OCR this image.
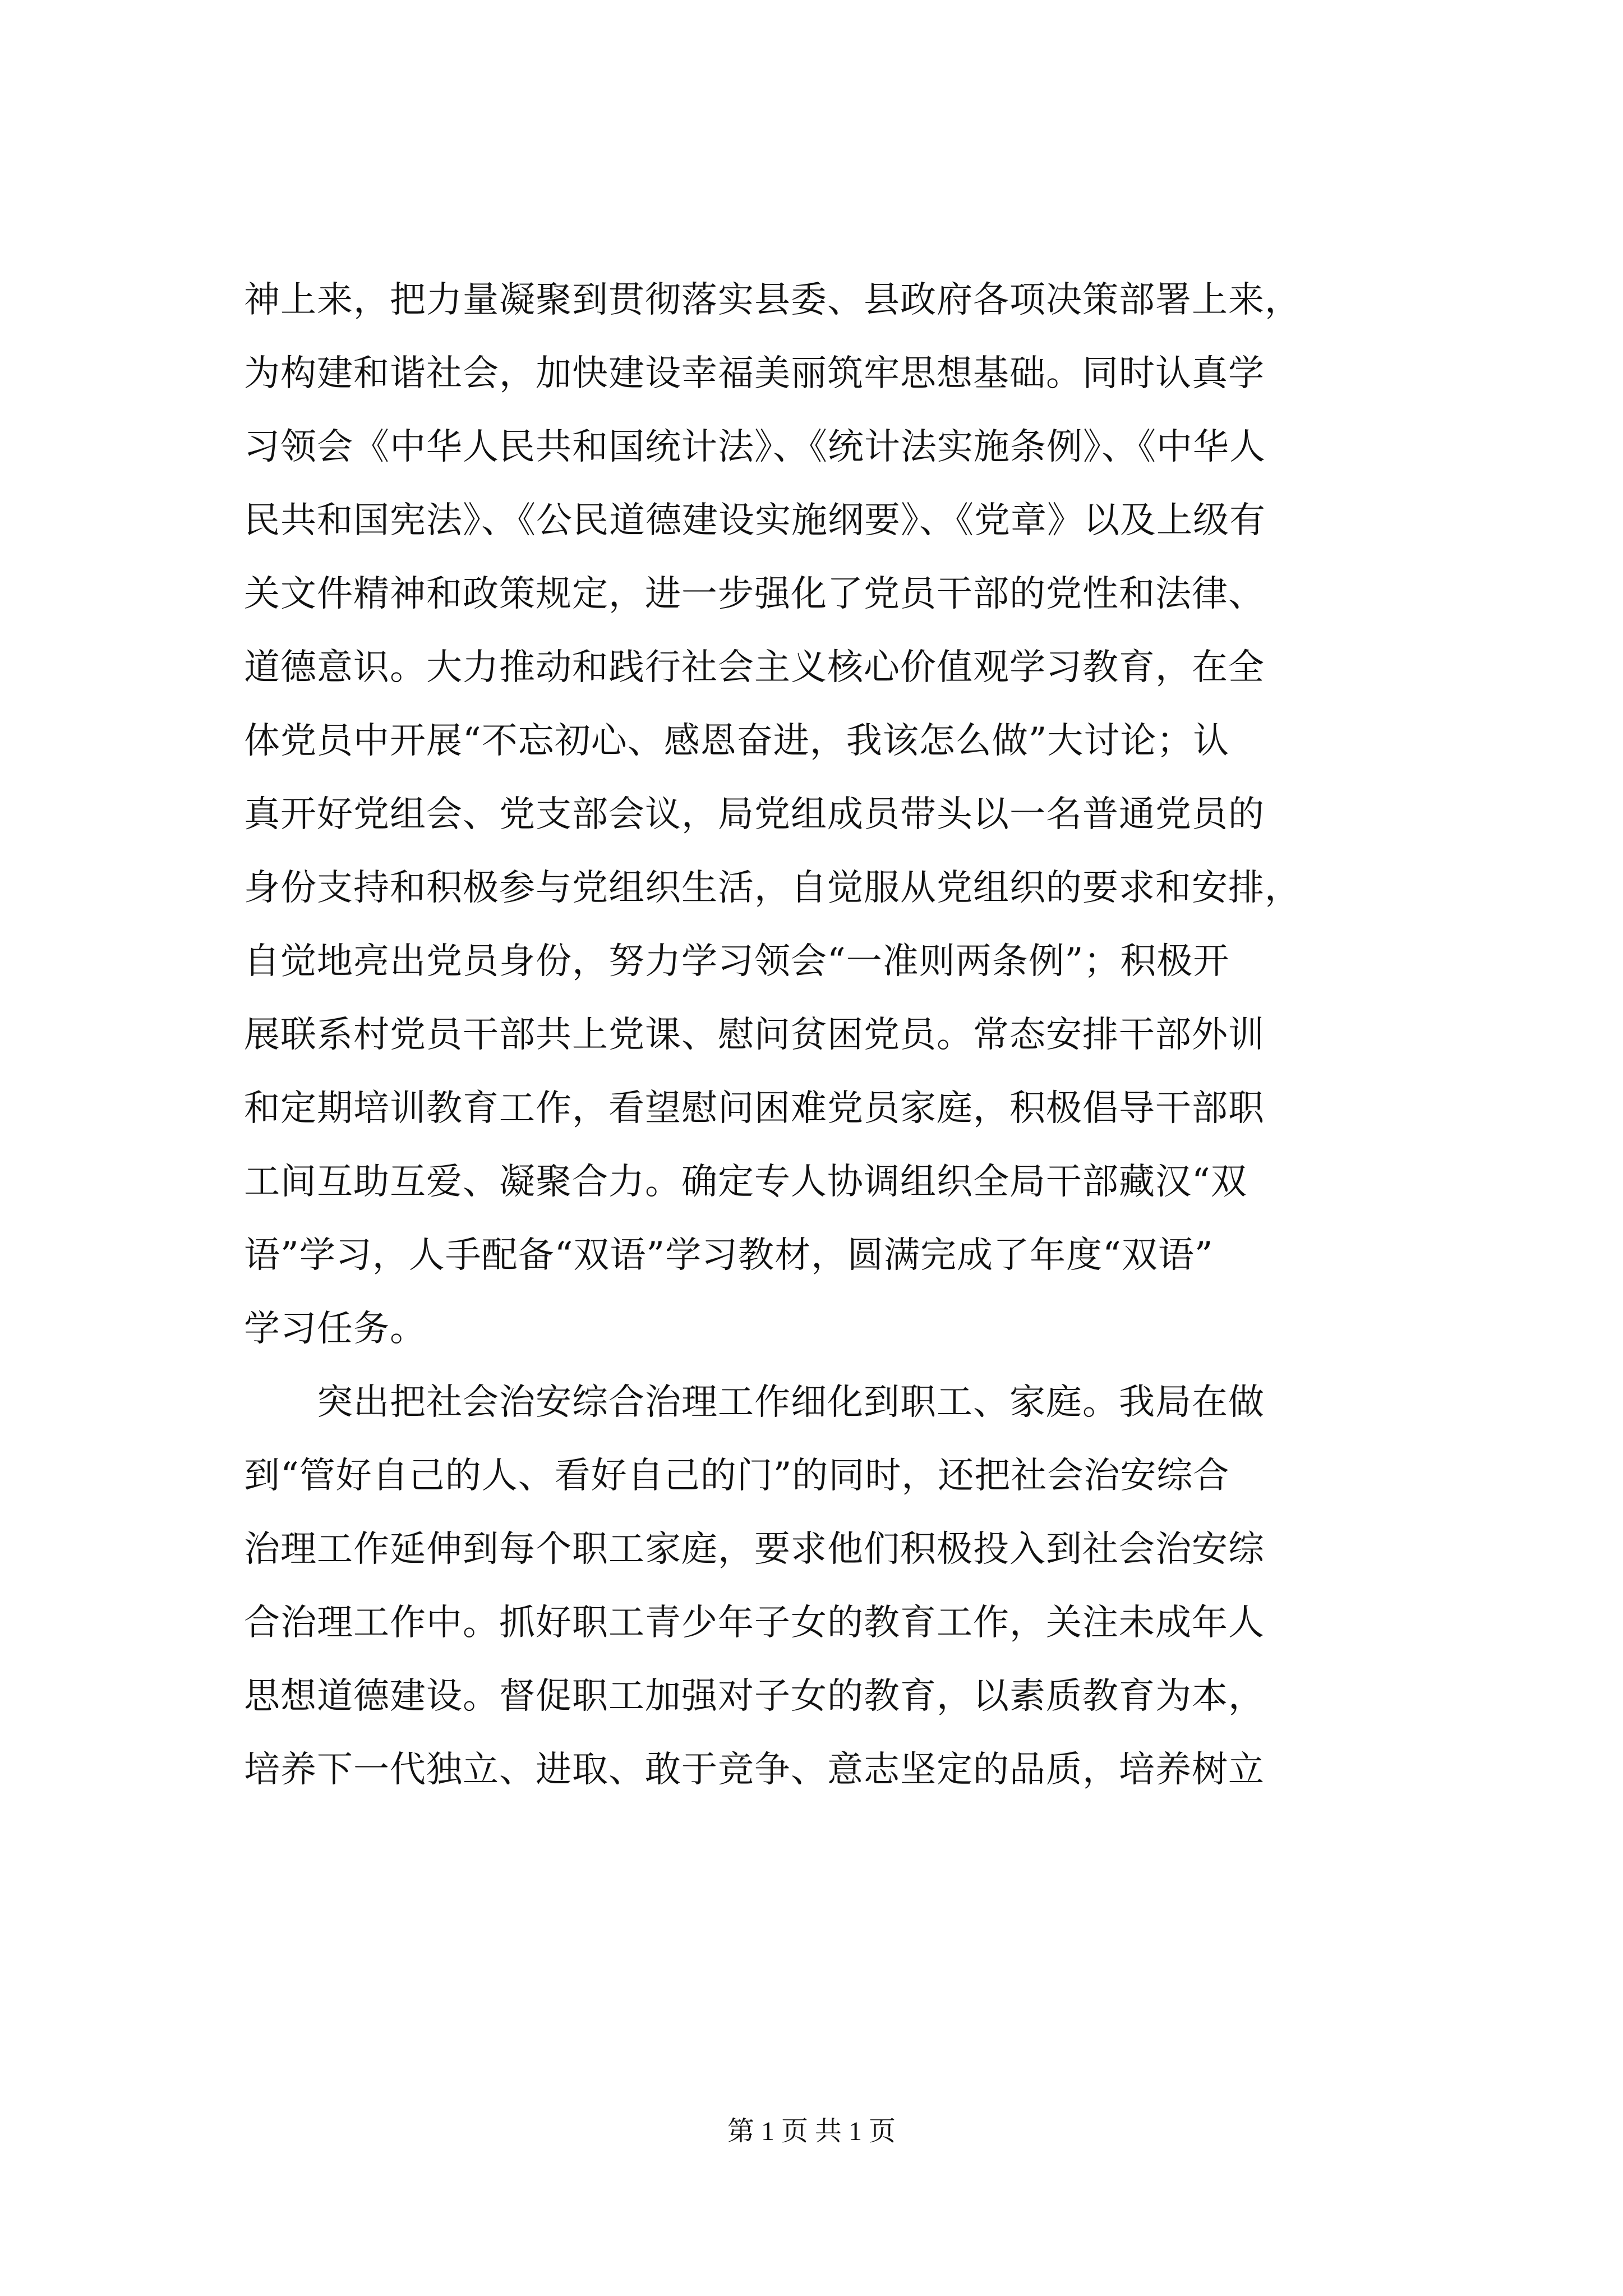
神上来，把力量凝聚到贯彻落实县委、县政府各项决策部署上来，
为构建和谐社会，加快建设幸福美丽筑牢思想基础。同时认真学
习领会《中华人民共和国统计法》、《统计法实施条例》、《中华人
民共和国宪法》、《公民道德建设实施纲要》、《党章》以及上级有
关文件精神和政策规定，进一步强化了党员干部的党性和法律、
道德意识。大力推动和践行社会主义核心价值观学习教育，在全
体党员中开展“不忘初心、感恩奋进，我该怎么做”大讨论；认
真开好党组会、党支部会议，局党组成员带头以一名普通党员的
身份支持和积极参与党组织生活，自觉服从党组织的要求和安排，
自觉地亮出党员身份，努力学习领会“一准则两条例”；积极开
展联系村党员干部共上党课、慰问贫困党员。常态安排干部外训
和定期培训教育工作，看望慰问困难党员家庭，积极倡导干部职
工间互助互爱、凝聚合力。确定专人协调组织全局干部藏汉“双
语”学习，人手配备“双语”学习教材，圆满完成了年度“双语”
学习任务。
突出把社会治安综合治理工作细化到职工、家庭。我局在做
到“管好自己的人、看好自己的门”的同时，还把社会治安综合
治理工作延伸到每个职工家庭，要求他们积极投入到社会治安综
合治理工作中。抓好职工青少年子女的教育工作，关注未成年人
思想道德建设。督促职工加强对子女的教育，以素质教育为本，
培养下一代独立、进取、敢于竞争、意志坚定的品质，培养树立
第 1 页 共 1 页
